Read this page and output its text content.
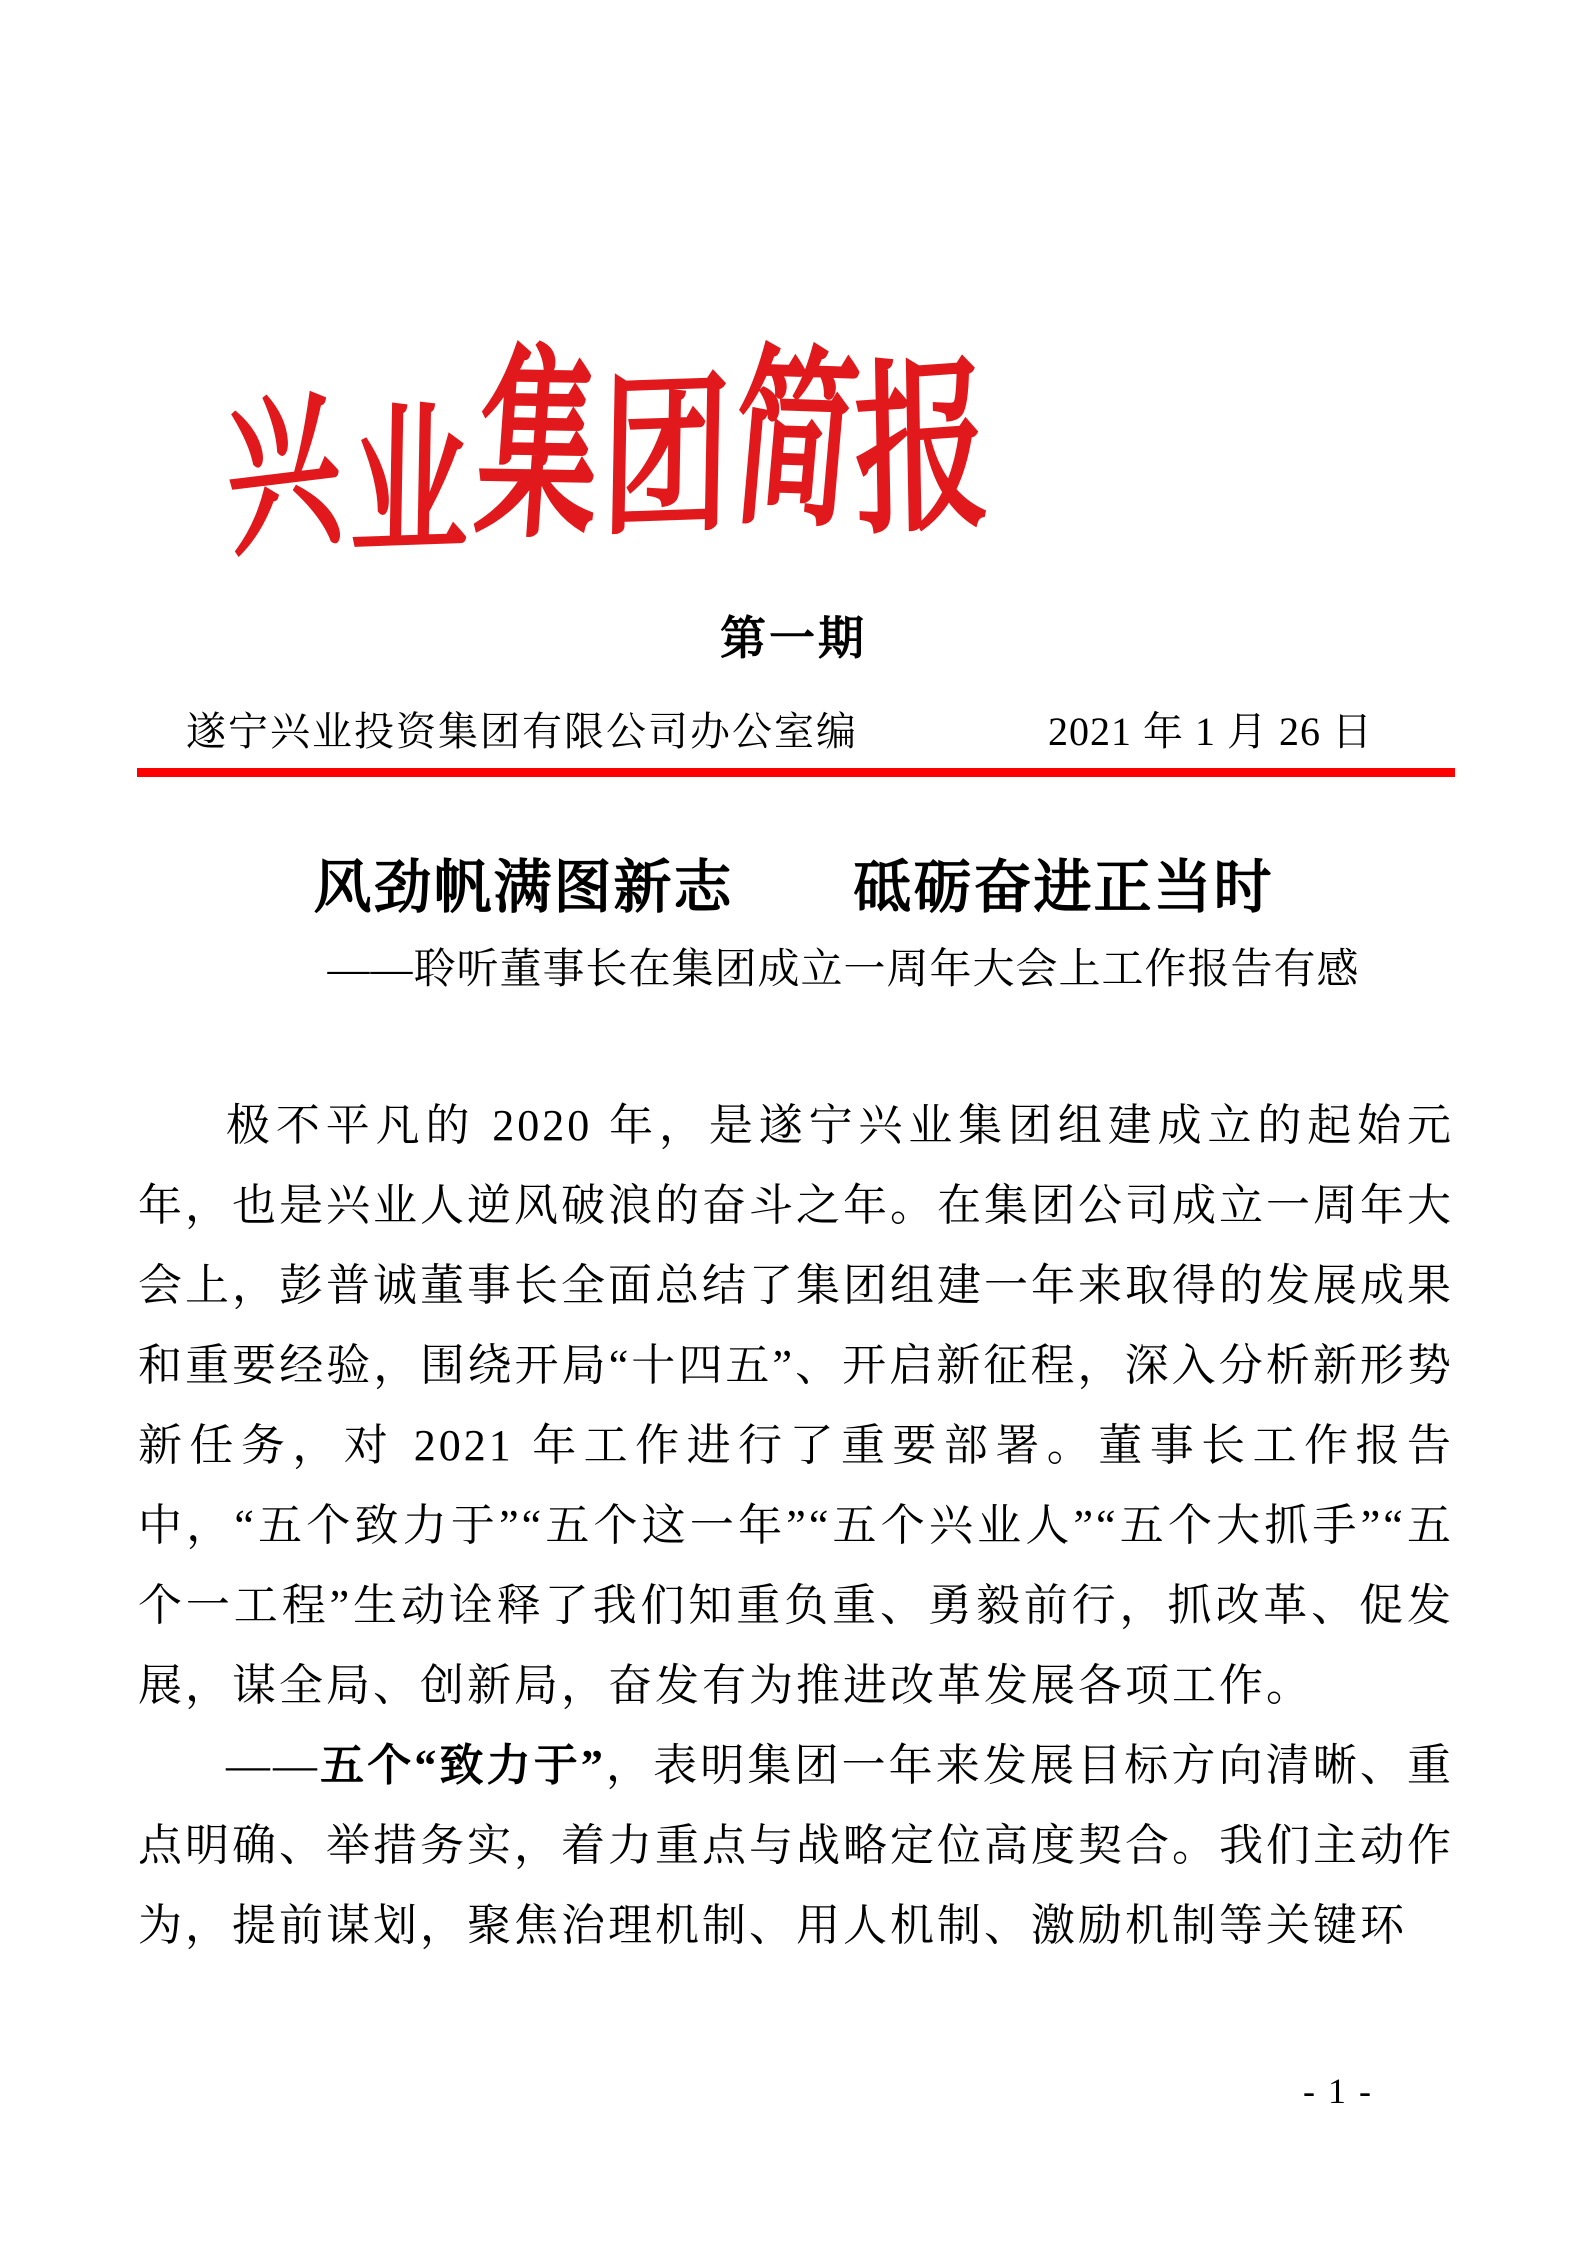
兴 业 集
团
简
报
第一期
遂宁兴业投资集团有限公司办公室编	2021 年 1 月 26 日
风劲帆满图新志　　砥砺奋进正当时
——聆听董事长在集团成立一周年大会上工作报告有感

极不平凡的 2020 年，是遂宁兴业集团组建成立的起始元年，也是兴业人逆风破浪的奋斗之年。在集团公司成立一周年大会上，彭普诚董事长全面总结了集团组建一年来取得的发展成果和重要经验，围绕开局“十四五”、开启新征程，深入分析新形势新任务，对 2021 年工作进行了重要部署。董事长工作报告中，“五个致力于”“五个这一年”“五个兴业人”“五个大抓手”“五个一工程”生动诠释了我们知重负重、勇毅前行，抓改革、促发展，谋全局、创新局，奋发有为推进改革发展各项工作。

——五个“致力于”，表明集团一年来发展目标方向清晰、重点明确、举措务实，着力重点与战略定位高度契合。我们主动作为，提前谋划，聚焦治理机制、用人机制、激励机制等关键环

- 1 -
